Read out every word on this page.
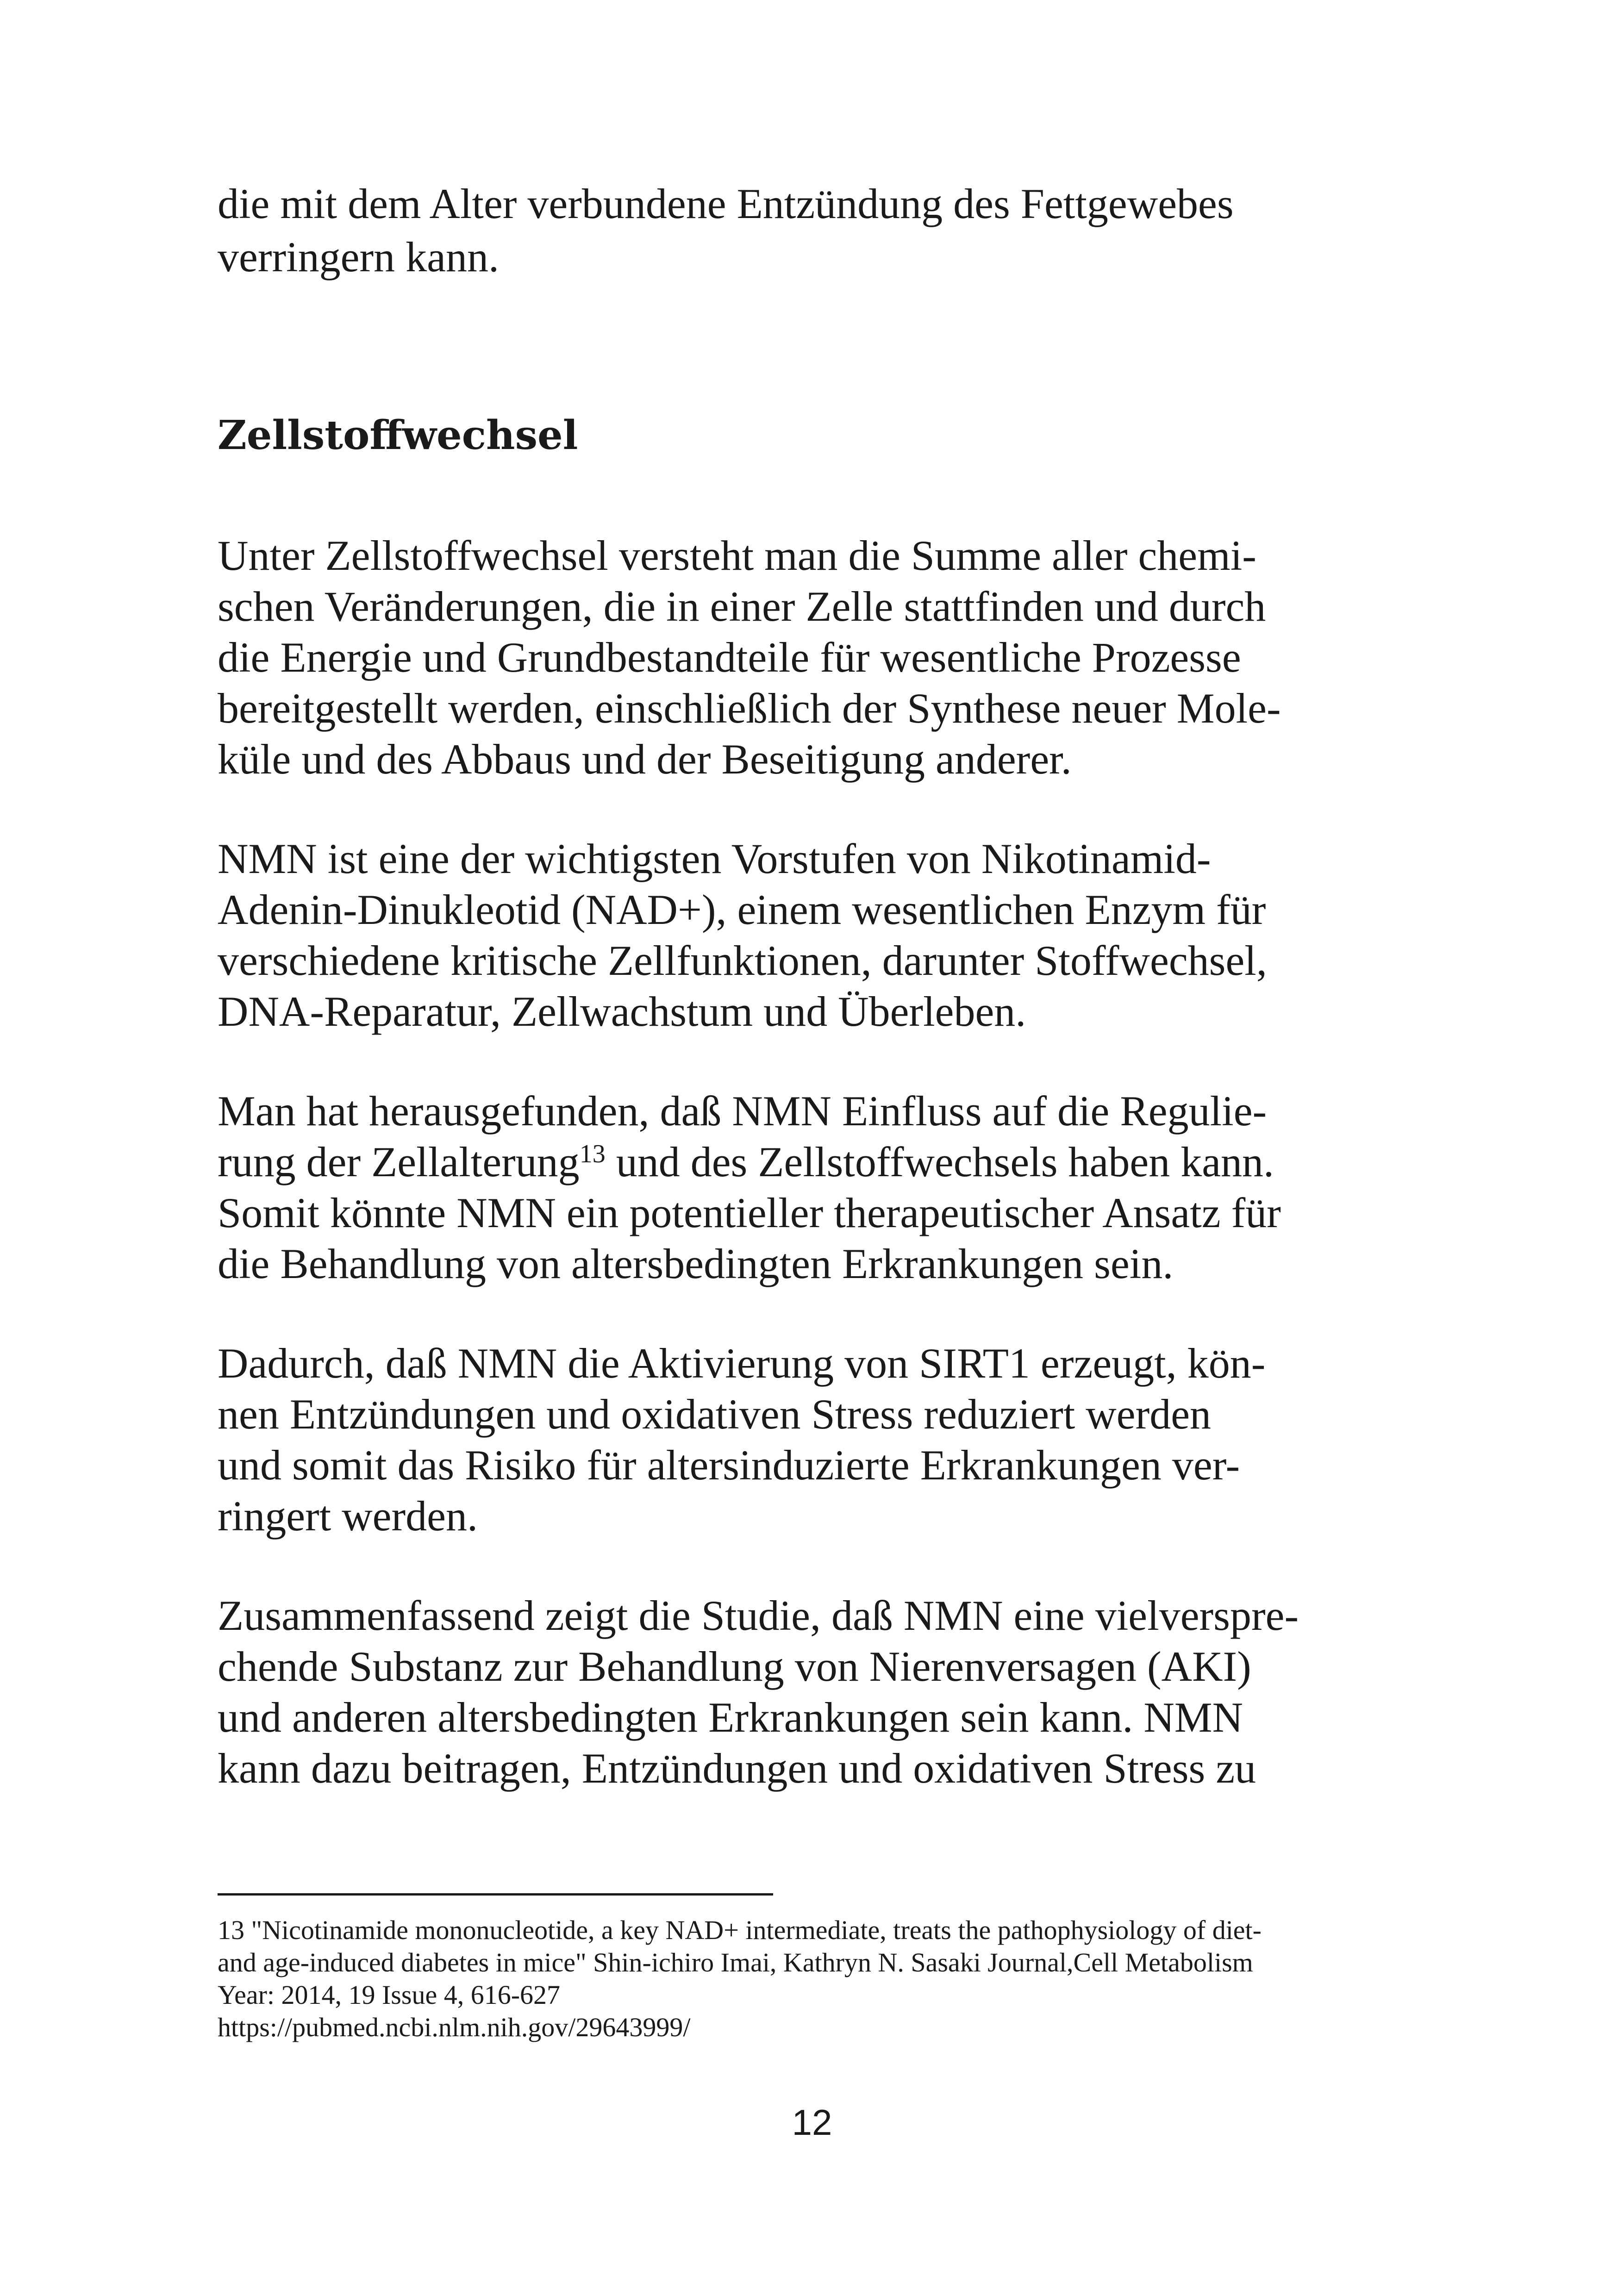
die mit dem Alter verbundene Entzündung des Fettgewebes

verringern kann.

Zellstoffwechsel

Unter Zellstoffwechsel versteht man die Summe aller chemi-

schen Veränderungen, die in einer Zelle stattfinden und durch

die Energie und Grundbestandteile für wesentliche Prozesse

bereitgestellt werden, einschließlich der Synthese neuer Mole-

küle und des Abbaus und der Beseitigung anderer.

NMN ist eine der wichtigsten Vorstufen von Nikotinamid-

Adenin-Dinukleotid (NAD+), einem wesentlichen Enzym für

verschiedene kritische Zellfunktionen, darunter Stoffwechsel,

DNA-Reparatur, Zellwachstum und Überleben.

Man hat herausgefunden, daß NMN Einfluss auf die Regulie-

rung der Zellalterung$^{13}$ und des Zellstoffwechsels haben kann.

Somit könnte NMN ein potentieller therapeutischer Ansatz für

die Behandlung von altersbedingten Erkrankungen sein.

Dadurch, daß NMN die Aktivierung von SIRT1 erzeugt, kön-

nen Entzündungen und oxidativen Stress reduziert werden

und somit das Risiko für altersinduzierte Erkrankungen ver-

ringert werden.

Zusammenfassend zeigt die Studie, daß NMN eine vielverspre-

chende Substanz zur Behandlung von Nierenversagen (AKI)

und anderen altersbedingten Erkrankungen sein kann. NMN

kann dazu beitragen, Entzündungen und oxidativen Stress zu

13 "Nicotinamide mononucleotide, a key NAD+ intermediate, treats the pathophysiology of diet-

and age-induced diabetes in mice" Shin-ichiro Imai, Kathryn N. Sasaki Journal,Cell Metabolism

Year: 2014, 19 Issue 4, 616-627

https://pubmed.ncbi.nlm.nih.gov/29643999/

12
